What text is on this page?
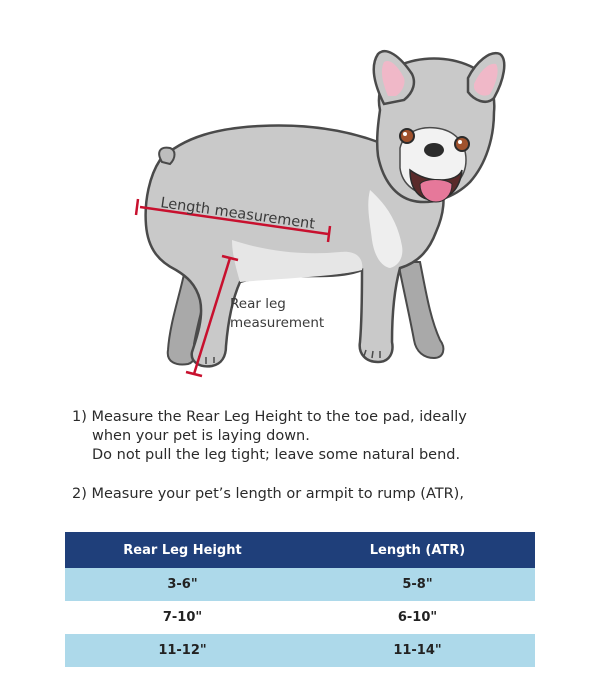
Length measurement
Rear leg
measurement
1) Measure the Rear Leg Height to the toe pad, ideally
when your pet is laying down.
Do not pull the leg tight; leave some natural bend.
2) Measure your pet’s length or armpit to rump (ATR),
Rear Leg Height	Length (ATR)
3-6"	5-8"
7-10"	6-10"
11-12"	11-14"
